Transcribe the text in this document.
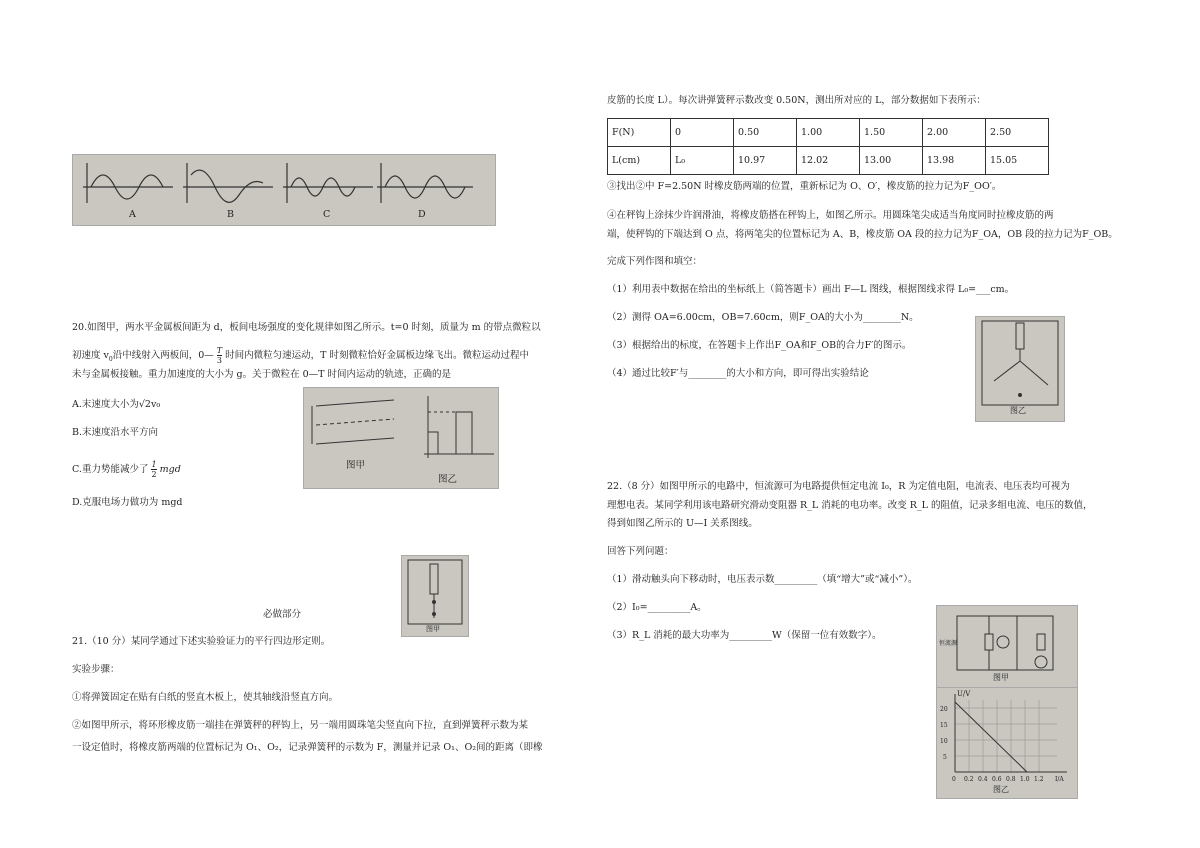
A	B	C	D
20.如图甲，两水平金属板间距为 d，板间电场强度的变化规律如图乙所示。t=0 时刻，质量为 m 的带点微粒以
初速度 $v_0$沿中线射入两板间，0— $\frac{T}{3}$ 时间内微粒匀速运动，T 时刻微粒恰好金属板边缘飞出。微粒运动过程中
未与金属板接触。重力加速度的大小为 g。关于微粒在 0—T 时间内运动的轨迹，正确的是
A.末速度大小为√2v₀
B.末速度沿水平方向
C.重力势能减少了 $\frac{1}{2}$ mgd
D.克服电场力做功为 mgd
图甲
图乙
图甲
必做部分
21.（10 分）某同学通过下述实验验证力的平行四边形定则。
实验步骤：
①将弹簧固定在贴有白纸的竖直木板上，使其轴线沿竖直方向。
②如图甲所示，将环形橡皮筋一端挂在弹簧秤的秤钩上，另一端用圆珠笔尖竖直向下拉，直到弹簧秤示数为某
一设定值时，将橡皮筋两端的位置标记为 O₁、O₂，记录弹簧秤的示数为 F，测量并记录 O₁、O₂间的距离（即橡
皮筋的长度 L）。每次讲弹簧秤示数改变 0.50N，测出所对应的 L，部分数据如下表所示：
F(N)	0	0.50	1.00	1.50	2.00	2.50
L(cm)	L₀	10.97	12.02	13.00	13.98	15.05
③找出②中 F=2.50N 时橡皮筋两端的位置，重新标记为 O、O′，橡皮筋的拉力记为F_OO′。
④在秤钩上涂抹少许润滑油，将橡皮筋搭在秤钩上，如图乙所示。用圆珠笔尖成适当角度同时拉橡皮筋的两
端，使秤钩的下端达到 O 点，将两笔尖的位置标记为 A、B，橡皮筋 OA 段的拉力记为F_OA，OB 段的拉力记为F_OB。
完成下列作图和填空：
（1）利用表中数据在给出的坐标纸上（简答题卡）画出 F—L 图线，根据图线求得 L₀=___cm。
（2）测得 OA=6.00cm，OB=7.60cm，则F_OA的大小为________N。
（3）根据给出的标度，在答题卡上作出F_OA和F_OB的合力F′的图示。
（4）通过比较F′与________的大小和方向，即可得出实验结论
图乙
22.（8 分）如图甲所示的电路中，恒流源可为电路提供恒定电流 I₀，R 为定值电阻，电流表、电压表均可视为
理想电表。某同学利用该电路研究滑动变阻器 R_L 消耗的电功率。改变 R_L 的阻值，记录多组电流、电压的数值，
得到如图乙所示的 U—I 关系图线。
回答下列问题：
（1）滑动触头向下移动时，电压表示数_________（填“增大”或“减小”）。
（2）I₀=_________A。
（3）R_L 消耗的最大功率为_________W（保留一位有效数字）。
恒流源
图甲
U/V
20
15
10
5
0 0.2 0.4 0.6 0.8 1.0 1.2 I/A
图乙
